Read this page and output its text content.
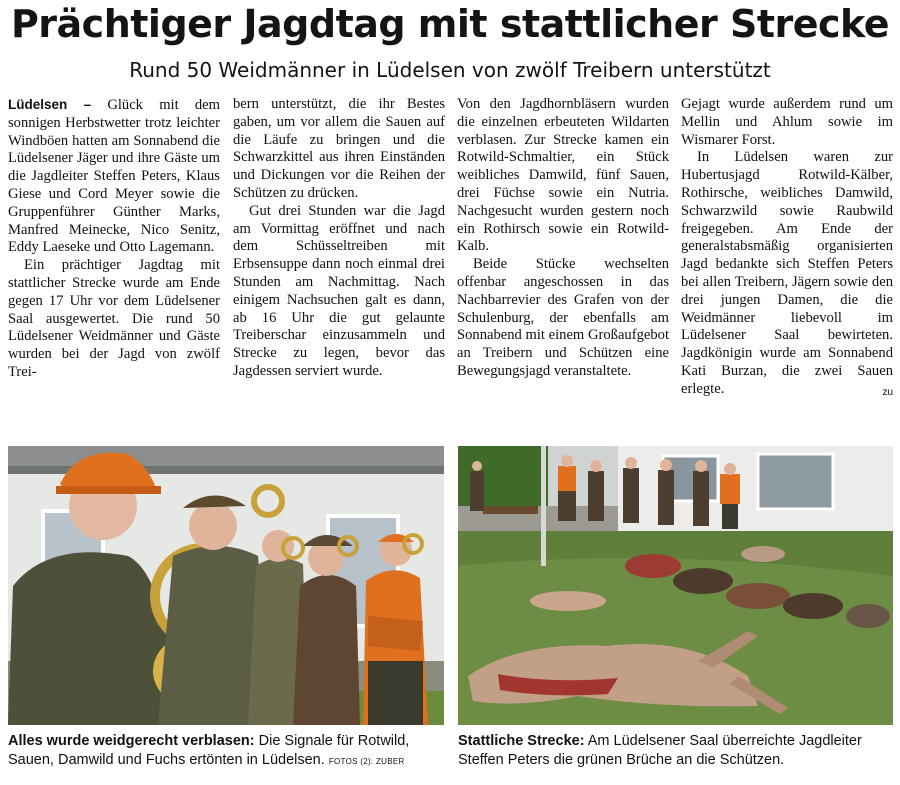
Prächtiger Jagdtag mit stattlicher Strecke
Rund 50 Weidmänner in Lüdelsen von zwölf Treibern unterstützt

Lüdelsen – Glück mit dem sonnigen Herbstwetter trotz leichter Windböen hatten am Sonnabend die Lüdelsener Jäger und ihre Gäste um die Jagdleiter Steffen Peters, Klaus Giese und Cord Meyer sowie die Gruppenführer Günther Marks, Manfred Meinecke, Nico Senitz, Eddy Laeseke und Otto Lagemann.

Ein prächtiger Jagdtag mit stattlicher Strecke wurde am Ende gegen 17 Uhr vor dem Lüdelsener Saal ausgewertet. Die rund 50 Lüdelsener Weidmänner und Gäste wurden bei der Jagd von zwölf Trei-

bern unterstützt, die ihr Bestes gaben, um vor allem die Sauen auf die Läufe zu bringen und die Schwarzkittel aus ihren Einständen und Dickungen vor die Reihen der Schützen zu drücken.

Gut drei Stunden war die Jagd am Vormittag eröffnet und nach dem Schüsseltreiben mit Erbsensuppe dann noch einmal drei Stunden am Nachmittag. Nach einigem Nachsuchen galt es dann, ab 16 Uhr die gut gelaunte Treiberschar einzusammeln und Strecke zu legen, bevor das Jagdessen serviert wurde.

Von den Jagdhornbläsern wurden die einzelnen erbeuteten Wildarten verblasen. Zur Strecke kamen ein Rotwild-Schmaltier, ein Stück weibliches Damwild, fünf Sauen, drei Füchse sowie ein Nutria. Nachgesucht wurden gestern noch ein Rothirsch sowie ein Rotwild-Kalb.

Beide Stücke wechselten offenbar angeschossen in das Nachbarrevier des Grafen von der Schulenburg, der ebenfalls am Sonnabend mit einem Großaufgebot an Treibern und Schützen eine Bewegungsjagd veranstaltete.

Gejagt wurde außerdem rund um Mellin und Ahlum sowie im Wismarer Forst.

In Lüdelsen waren zur Hubertusjagd Rotwild-Kälber, Rothirsche, weibliches Damwild, Schwarzwild sowie Raubwild freigegeben. Am Ende der generalstabsmäßig organisierten Jagd bedankte sich Steffen Peters bei allen Treibern, Jägern sowie den drei jungen Damen, die die Weidmänner liebevoll im Lüdelsener Saal bewirteten. Jagdkönigin wurde am Sonnabend Kati Burzan, die zwei Sauen erlegte.	zu

Alles wurde weidgerecht verblasen: Die Signale für Rotwild, Sauen, Damwild und Fuchs ertönten in Lüdelsen. FOTOS (2): ZUBER
Stattliche Strecke: Am Lüdelsener Saal überreichte Jagdleiter Steffen Peters die grünen Brüche an die Schützen.
